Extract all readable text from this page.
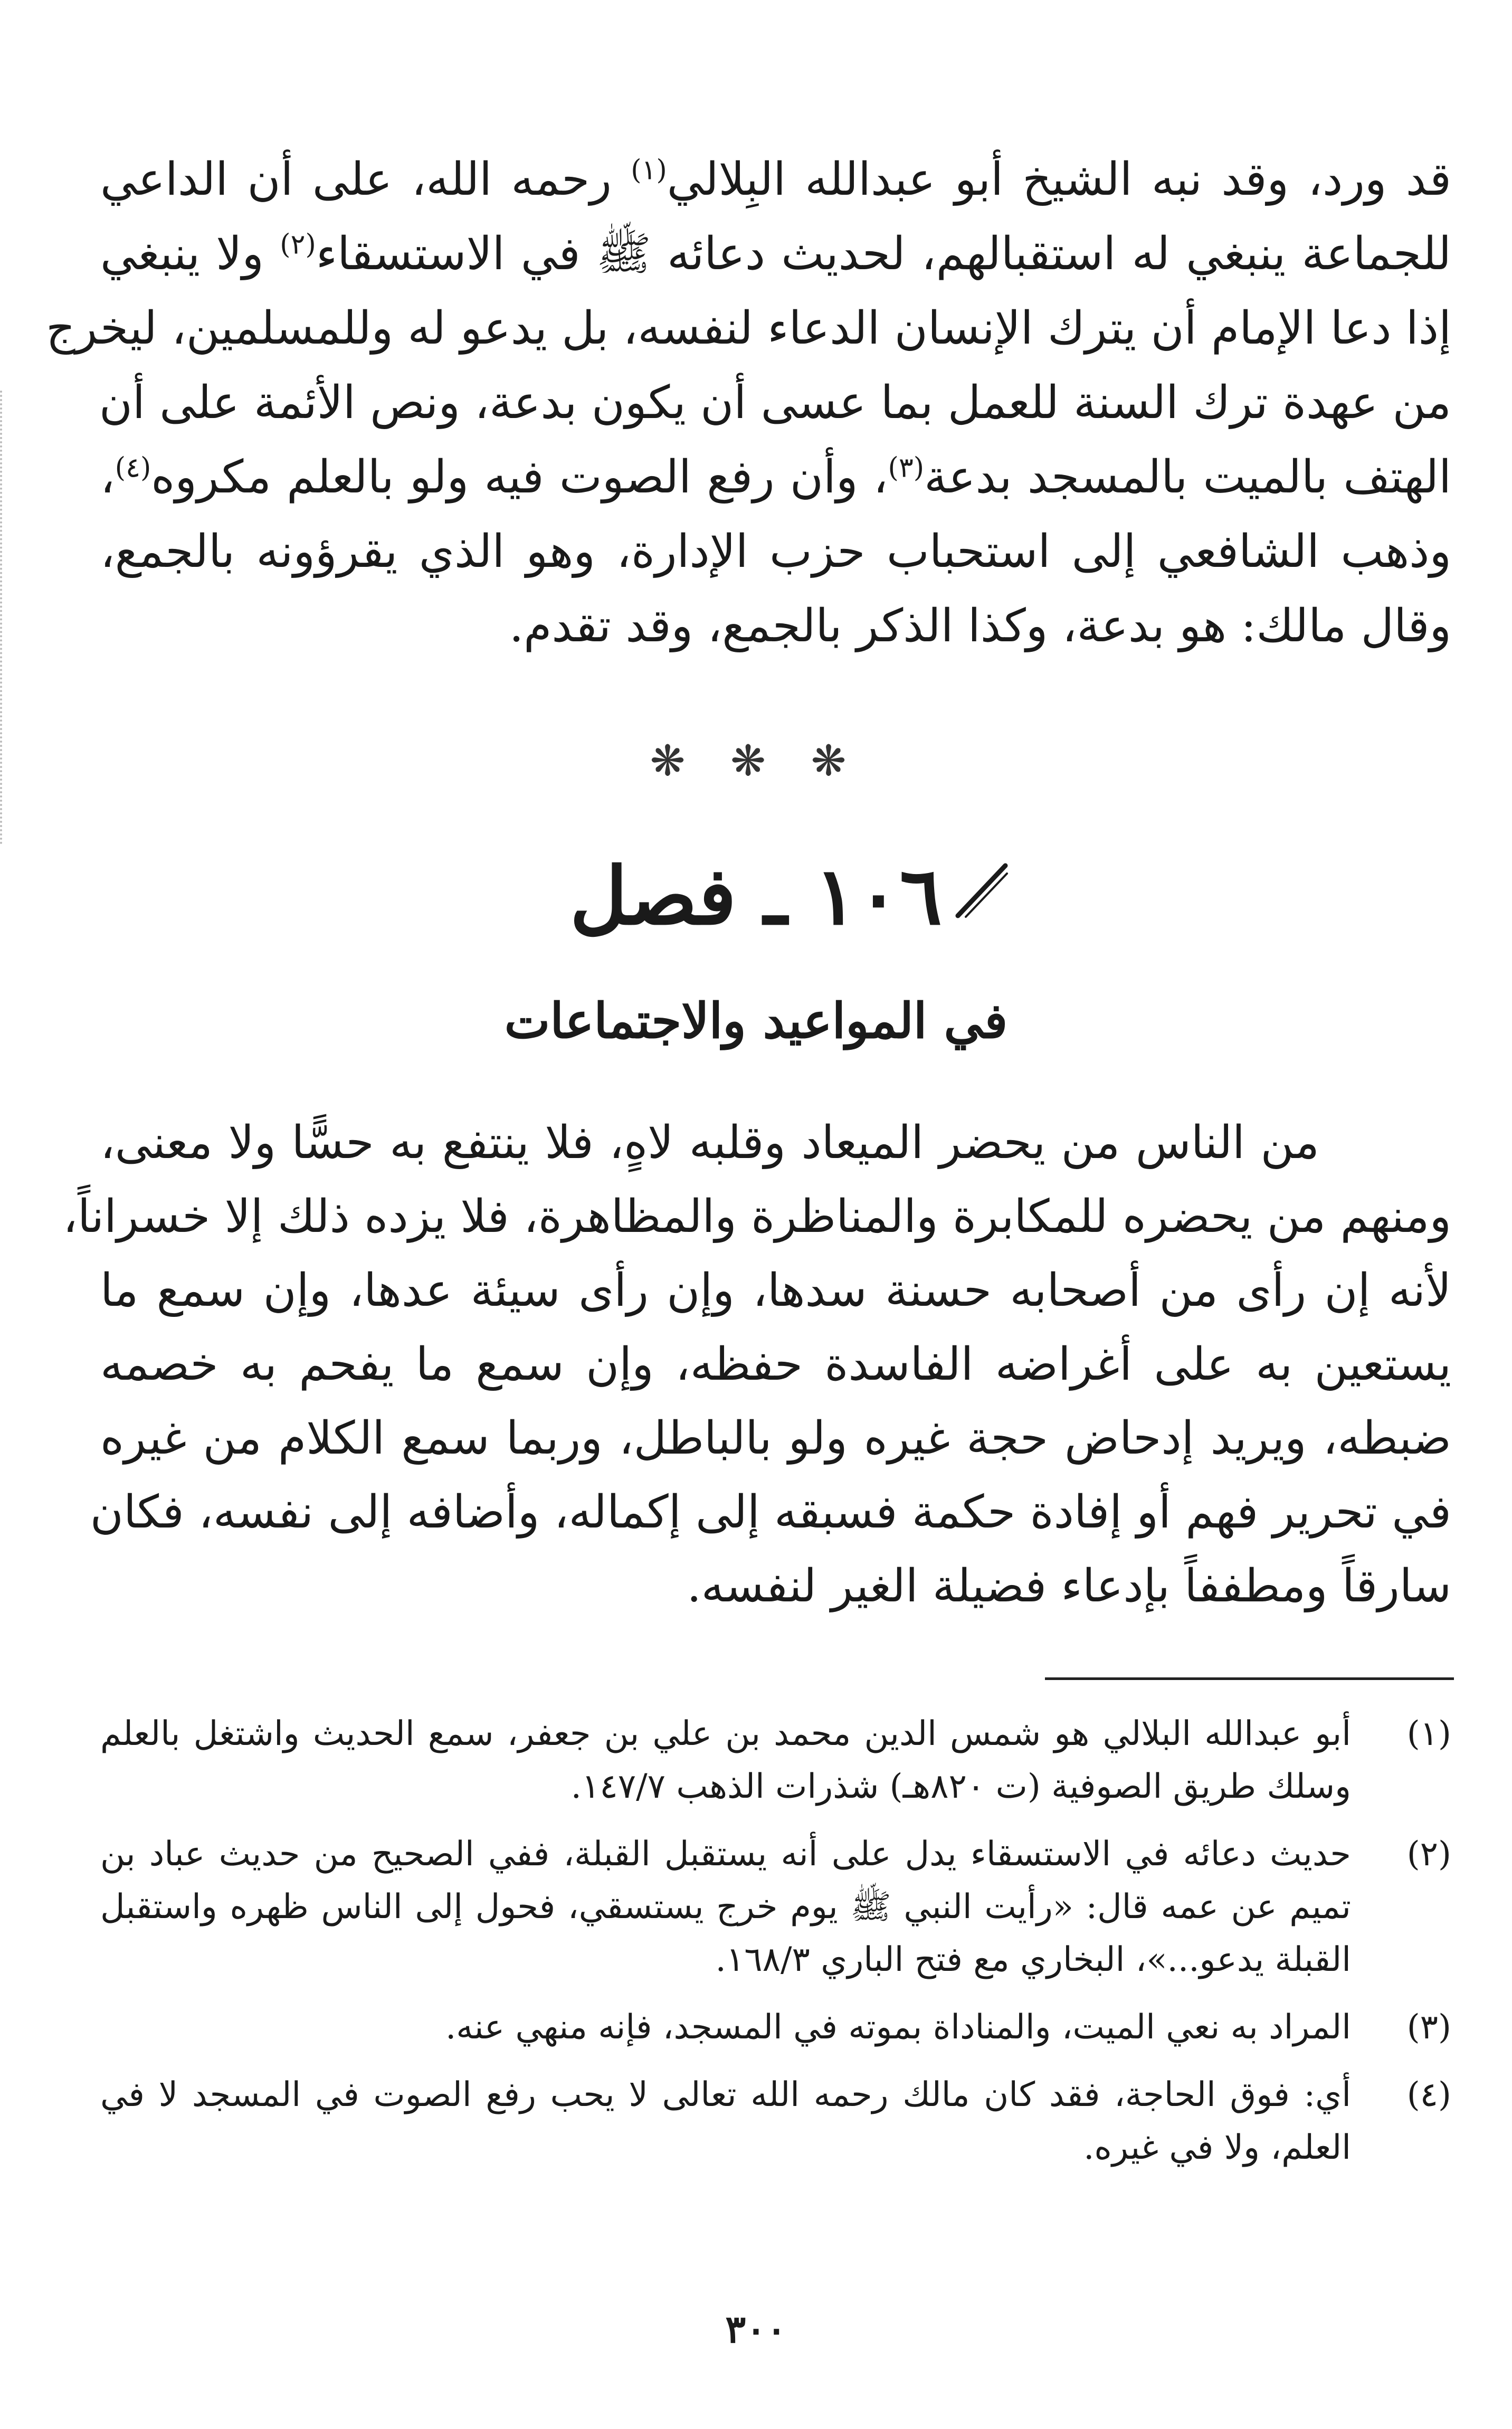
قد ورد، وقد نبه الشيخ أبو عبدالله البِلالي$^{(١)}$ رحمه الله، على أن الداعي
للجماعة ينبغي له استقبالهم، لحديث دعائه ﷺ في الاستسقاء$^{(٢)}$ ولا ينبغي
إذا دعا الإمام أن يترك الإنسان الدعاء لنفسه، بل يدعو له وللمسلمين، ليخرج
من عهدة ترك السنة للعمل بما عسى أن يكون بدعة، ونص الأئمة على أن
الهتف بالميت بالمسجد بدعة$^{(٣)}$، وأن رفع الصوت فيه ولو بالعلم مكروه$^{(٤)}$،
وذهب الشافعي إلى استحباب حزب الإدارة، وهو الذي يقرؤونه بالجمع،
وقال مالك: هو بدعة، وكذا الذكر بالجمع، وقد تقدم.
❋ ❋ ❋
١٠٦ ـ فصل
في المواعيد والاجتماعات
من الناس من يحضر الميعاد وقلبه لاهٍ، فلا ينتفع به حسًّا ولا معنى،
ومنهم من يحضره للمكابرة والمناظرة والمظاهرة، فلا يزده ذلك إلا خسراناً،
لأنه إن رأى من أصحابه حسنة سدها، وإن رأى سيئة عدها، وإن سمع ما
يستعين به على أغراضه الفاسدة حفظه، وإن سمع ما يفحم به خصمه
ضبطه، ويريد إدحاض حجة غيره ولو بالباطل، وربما سمع الكلام من غيره
في تحرير فهم أو إفادة حكمة فسبقه إلى إكماله، وأضافه إلى نفسه، فكان
سارقاً ومطففاً بإدعاء فضيلة الغير لنفسه.
(١)
أبو عبدالله البلالي هو شمس الدين محمد بن علي بن جعفر، سمع الحديث واشتغل بالعلم وسلك طريق الصوفية (ت ٨٢٠هـ) شذرات الذهب ١٤٧/٧.
(٢)
حديث دعائه في الاستسقاء يدل على أنه يستقبل القبلة، ففي الصحيح من حديث عباد بن تميم عن عمه قال: «رأيت النبي ﷺ يوم خرج يستسقي، فحول إلى الناس ظهره واستقبل القبلة يدعو...»، البخاري مع فتح الباري ١٦٨/٣.
(٣)
المراد به نعي الميت، والمناداة بموته في المسجد، فإنه منهي عنه.
(٤)
أي: فوق الحاجة، فقد كان مالك رحمه الله تعالى لا يحب رفع الصوت في المسجد لا في العلم، ولا في غيره.
٣٠٠
